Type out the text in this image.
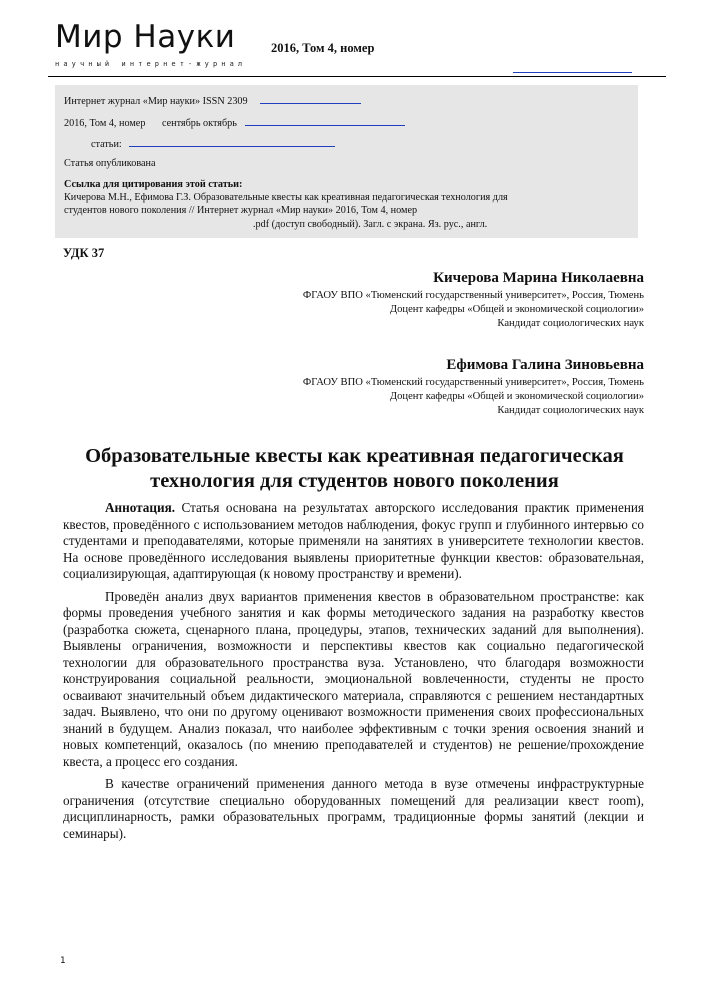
Мир Науки
научный интернет-журнал
2016, Том 4, номер
Интернет журнал «Мир науки» ISSN 2309
2016, Том 4, номер сентябрь октябрь
статьи:
Статья опубликована
Ссылка для цитирования этой статьи:
Кичерова М.Н., Ефимова Г.З. Образовательные квесты как креативная педагогическая технология для
студентов нового поколения // Интернет журнал «Мир науки» 2016, Том 4, номер
.pdf (доступ свободный). Загл. с экрана. Яз. рус., англ.
УДК 37
Кичерова Марина Николаевна
ФГАОУ ВПО «Тюменский государственный университет», Россия, Тюмень
Доцент кафедры «Общей и экономической социологии»
Кандидат социологических наук
Ефимова Галина Зиновьевна
ФГАОУ ВПО «Тюменский государственный университет», Россия, Тюмень
Доцент кафедры «Общей и экономической социологии»
Кандидат социологических наук
Образовательные квесты как креативная педагогическая
технология для студентов нового поколения

Аннотация. Статья основана на результатах авторского исследования практик применения квестов, проведённого с использованием методов наблюдения, фокус групп и глубинного интервью со студентами и преподавателями, которые применяли на занятиях в университете технологии квестов. На основе проведённого исследования выявлены приоритетные функции квестов: образовательная, социализирующая, адаптирующая (к новому пространству и времени).

Проведён анализ двух вариантов применения квестов в образовательном пространстве: как формы проведения учебного занятия и как формы методического задания на разработку квестов (разработка сюжета, сценарного плана, процедуры, этапов, технических заданий для выполнения). Выявлены ограничения, возможности и перспективы квестов как социально педагогической технологии для образовательного пространства вуза. Установлено, что благодаря возможности конструирования социальной реальности, эмоциональной вовлеченности, студенты не просто осваивают значительный объем дидактического материала, справляются с решением нестандартных задач. Выявлено, что они по другому оценивают возможности применения своих профессиональных знаний в будущем. Анализ показал, что наиболее эффективным с точки зрения освоения знаний и новых компетенций, оказалось (по мнению преподавателей и студентов) не решение/прохождение квеста, а процесс его создания.

В качестве ограничений применения данного метода в вузе отмечены инфраструктурные ограничения (отсутствие специально оборудованных помещений для реализации квест room), дисциплинарность, рамки образовательных программ, традиционные формы занятий (лекции и семинары).

1
